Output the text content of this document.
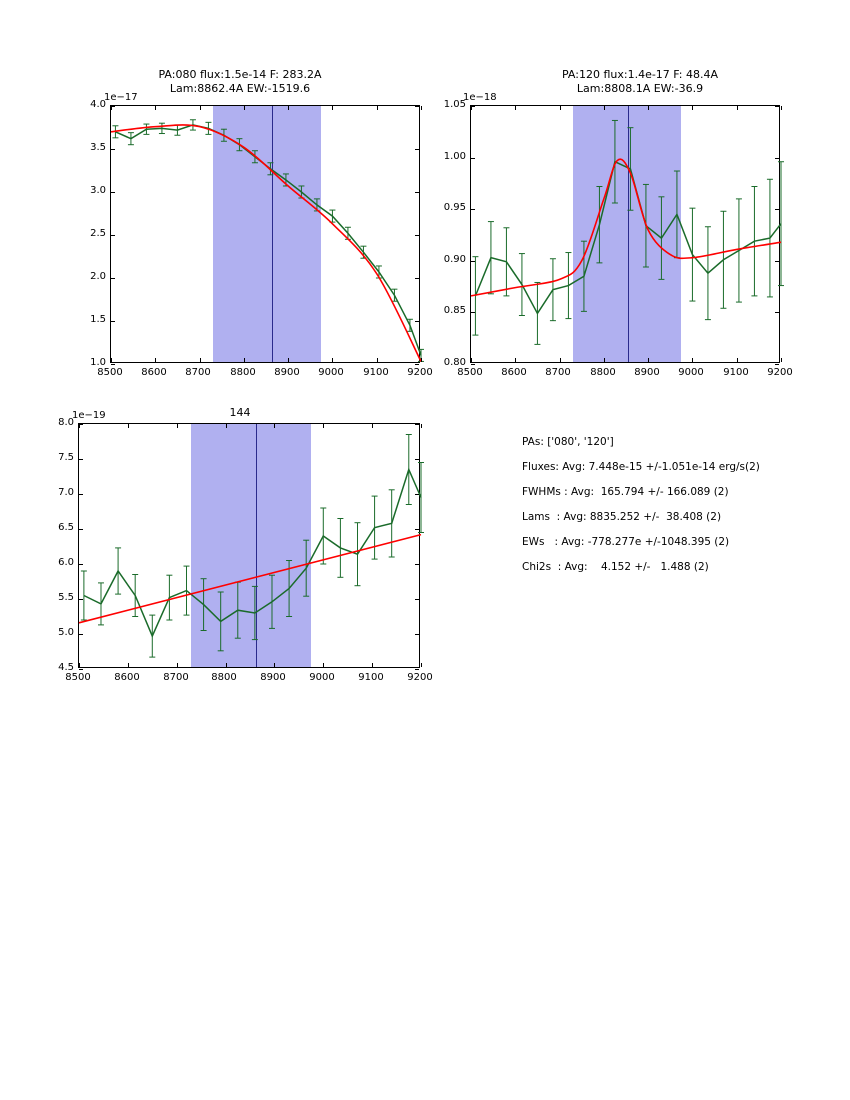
PA:080 flux:1.5e-14 F: 283.2A
Lam:8862.4A EW:-1519.6
1e−17
1.0
1.5
2.0
2.5
3.0
3.5
4.0
8500	8600	8700	8800	8900	9000	9100	9200
PA:120 flux:1.4e-17 F: 48.4A
Lam:8808.1A EW:-36.9
1e−18
0.80
0.85
0.90
0.95
1.00
1.05
8500	8600	8700	8800	8900	9000	9100	9200
144
1e−19
4.5
5.0
5.5
6.0
6.5
7.0
7.5
8.0
8500	8600	8700	8800	8900	9000	9100	9200
PAs: ['080', '120']
Fluxes: Avg: 7.448e-15 +/-1.051e-14 erg/s(2)
FWHMs : Avg:  165.794 +/- 166.089 (2)
Lams  : Avg: 8835.252 +/-  38.408 (2)
EWs   : Avg: -778.277e +/-1048.395 (2)
Chi2s  : Avg:    4.152 +/-   1.488 (2)
